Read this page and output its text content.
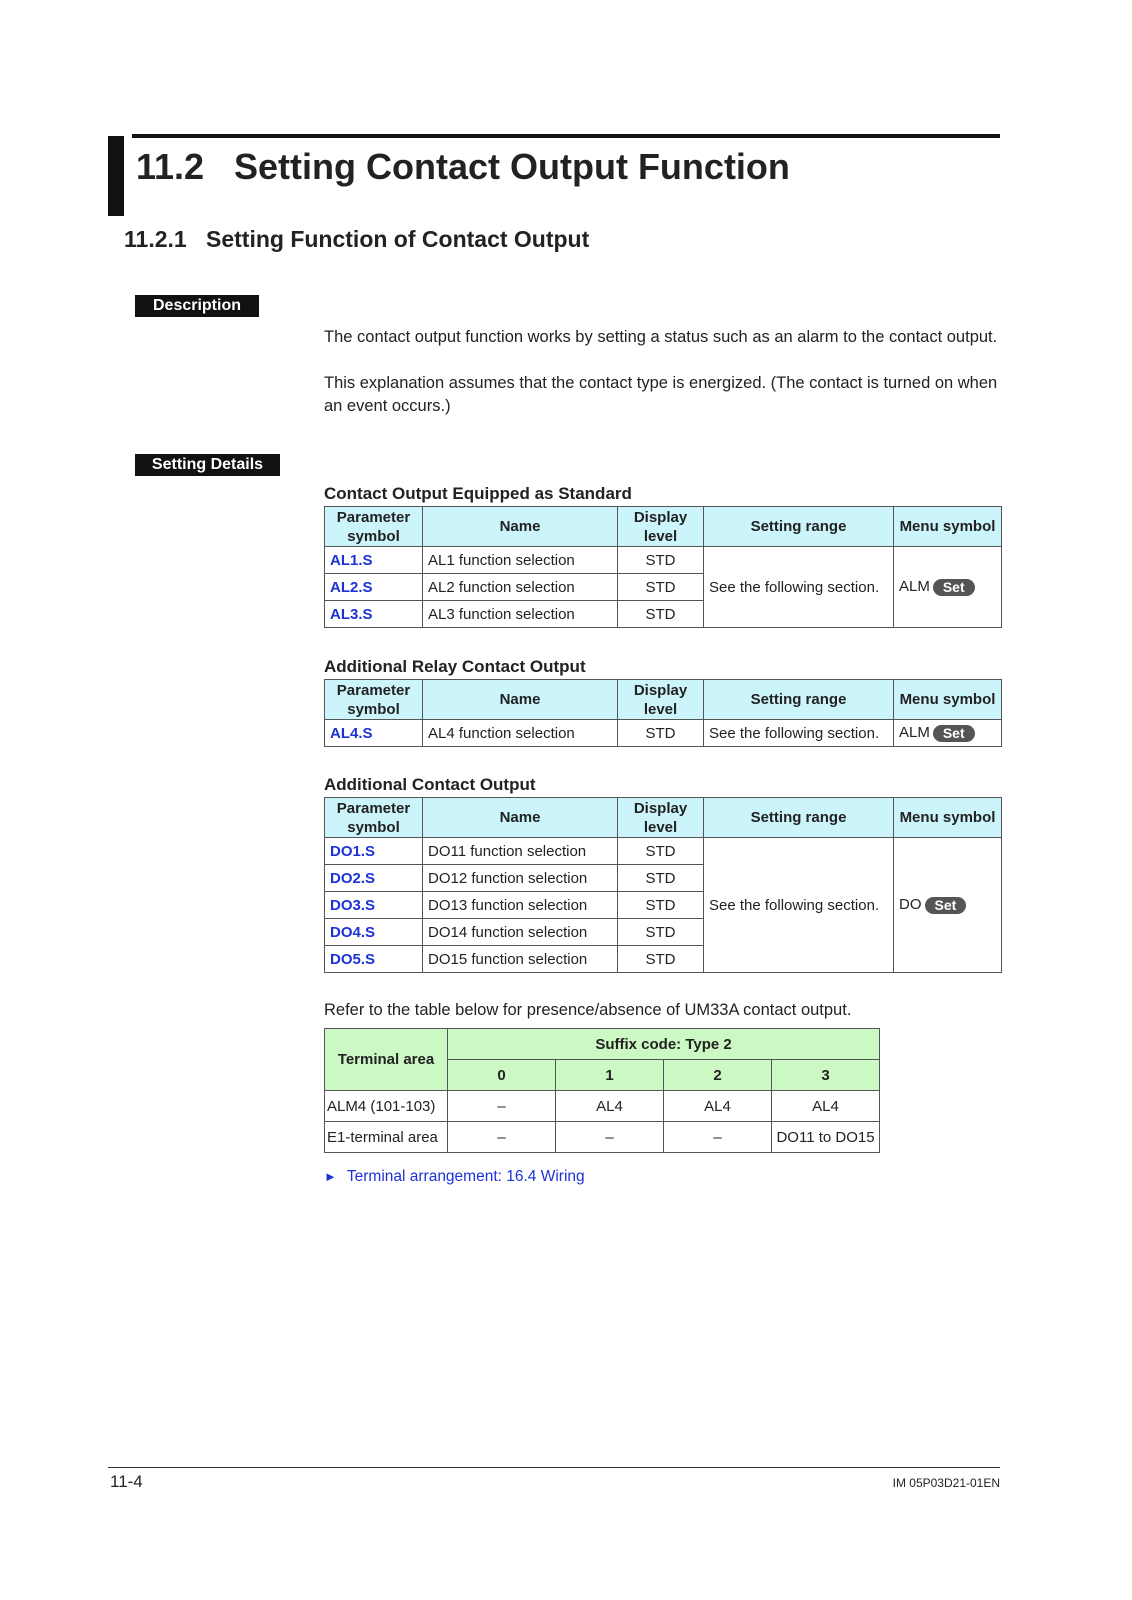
11.2 Setting Contact Output Function
11.2.1 Setting Function of Contact Output
Description
The contact output function works by setting a status such as an alarm to the contact output.
This explanation assumes that the contact type is energized. (The contact is turned on when an event occurs.)
Setting Details
Contact Output Equipped as Standard
Parameter symbol	Name	Display level	Setting range	Menu symbol
AL1.S	AL1 function selection	STD	See the following section.	ALM Set
AL2.S	AL2 function selection	STD		
AL3.S	AL3 function selection	STD		
Additional Relay Contact Output
Parameter symbol	Name	Display level	Setting range	Menu symbol
AL4.S	AL4 function selection	STD	See the following section.	ALM Set
Additional Contact Output
Parameter symbol	Name	Display level	Setting range	Menu symbol
DO1.S	DO11 function selection	STD	See the following section.	DO Set
DO2.S	DO12 function selection	STD		
DO3.S	DO13 function selection	STD		
DO4.S	DO14 function selection	STD		
DO5.S	DO15 function selection	STD		
Refer to the table below for presence/absence of UM33A contact output.
Terminal area	Suffix code: Type 2			
	0	1	2	3
ALM4 (101-103)	–	AL4	AL4	AL4
E1-terminal area	–	–	–	DO11 to DO15
► Terminal arrangement: 16.4 Wiring
11-4	IM 05P03D21-01EN
